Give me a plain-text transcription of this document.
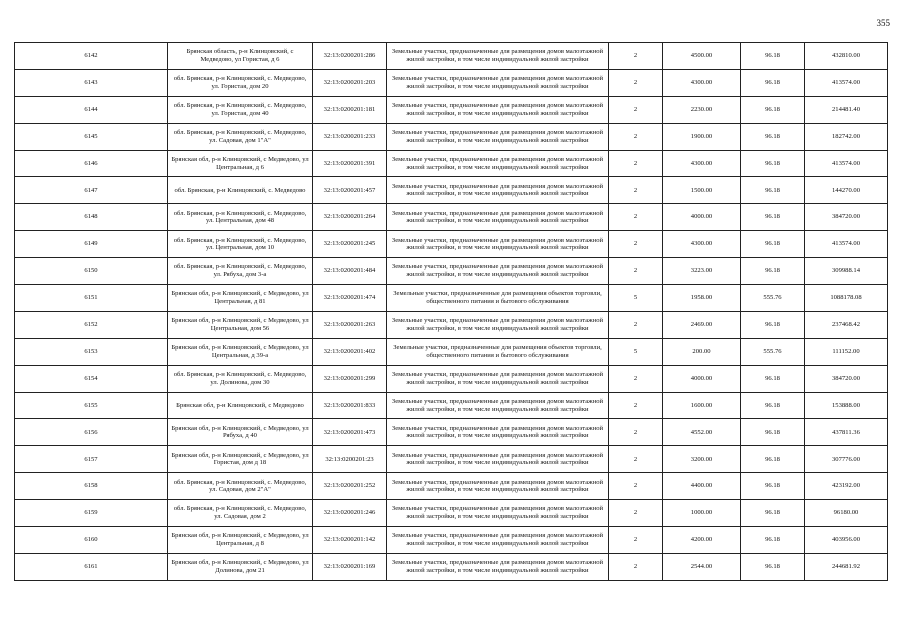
355
6142	Брянская область, р-н Клинцовский, с Медведово, ул Гористая, д 6	32:13:0200201:286	Земельные участки, предназначенные для размещения домов малоэтажной жилой застройки, в том числе индивидуальной жилой застройки	2	4500.00	96.18	432810.00
6143	обл. Брянская, р-н Клинцовский, с. Медведово, ул. Гористая, дом 20	32:13:0200201:203	Земельные участки, предназначенные для размещения домов малоэтажной жилой застройки, в том числе индивидуальной жилой застройки	2	4300.00	96.18	413574.00
6144	обл. Брянская, р-н Клинцовский, с. Медведово, ул. Гористая, дом 40	32:13:0200201:181	Земельные участки, предназначенные для размещения домов малоэтажной жилой застройки, в том числе индивидуальной жилой застройки	2	2230.00	96.18	214481.40
6145	обл. Брянская, р-н Клинцовский, с. Медведово, ул. Садовая, дом 1"А"	32:13:0200201:233	Земельные участки, предназначенные для размещения домов малоэтажной жилой застройки, в том числе индивидуальной жилой застройки	2	1900.00	96.18	182742.00
6146	Брянская обл, р-н Клинцовский, с Медведово, ул Центральная, д 6	32:13:0200201:391	Земельные участки, предназначенные для размещения домов малоэтажной жилой застройки, в том числе индивидуальной жилой застройки	2	4300.00	96.18	413574.00
6147	обл. Брянская, р-н Клинцовский, с. Медведово	32:13:0200201:457	Земельные участки, предназначенные для размещения домов малоэтажной жилой застройки, в том числе индивидуальной жилой застройки	2	1500.00	96.18	144270.00
6148	обл. Брянская, р-н Клинцовский, с. Медведово, ул. Центральная, дом 48	32:13:0200201:264	Земельные участки, предназначенные для размещения домов малоэтажной жилой застройки, в том числе индивидуальной жилой застройки	2	4000.00	96.18	384720.00
6149	обл. Брянская, р-н Клинцовский, с. Медведово, ул. Центральная, дом 10	32:13:0200201:245	Земельные участки, предназначенные для размещения домов малоэтажной жилой застройки, в том числе индивидуальной жилой застройки	2	4300.00	96.18	413574.00
6150	обл. Брянская, р-н Клинцовский, с. Медведово, ул. Рябуха, дом 3-а	32:13:0200201:484	Земельные участки, предназначенные для размещения домов малоэтажной жилой застройки, в том числе индивидуальной жилой застройки	2	3223.00	96.18	309988.14
6151	Брянская обл, р-н Клинцовский, с Медведово, ул Центральная, д 81	32:13:0200201:474	Земельные участки, предназначенные для размещения объектов торговли, общественного питания и бытового обслуживания	5	1958.00	555.76	1088178.08
6152	Брянская обл, р-н Клинцовский, с Медведово, ул Центральная, дом 56	32:13:0200201:263	Земельные участки, предназначенные для размещения домов малоэтажной жилой застройки, в том числе индивидуальной жилой застройки	2	2469.00	96.18	237468.42
6153	Брянская обл, р-н Клинцовский, с Медведово, ул Центральная, д 39-а	32:13:0200201:402	Земельные участки, предназначенные для размещения объектов торговли, общественного питания и бытового обслуживания	5	200.00	555.76	111152.00
6154	обл. Брянская, р-н Клинцовский, с. Медведово, ул. Долинова, дом 30	32:13:0200201:299	Земельные участки, предназначенные для размещения домов малоэтажной жилой застройки, в том числе индивидуальной жилой застройки	2	4000.00	96.18	384720.00
6155	Брянская обл, р-н Клинцовский, с Медведово	32:13:0200201:833	Земельные участки, предназначенные для размещения домов малоэтажной жилой застройки, в том числе индивидуальной жилой застройки	2	1600.00	96.18	153888.00
6156	Брянская обл, р-н Клинцовский, с Медведово, ул Рябуха, д 40	32:13:0200201:473	Земельные участки, предназначенные для размещения домов малоэтажной жилой застройки, в том числе индивидуальной жилой застройки	2	4552.00	96.18	437811.36
6157	Брянская обл, р-н Клинцовский, с Медведово, ул Гористая, дом д 18	32:13:0200201:23	Земельные участки, предназначенные для размещения домов малоэтажной жилой застройки, в том числе индивидуальной жилой застройки	2	3200.00	96.18	307776.00
6158	обл. Брянская, р-н Клинцовский, с. Медведово, ул. Садовая, дом 2"А"	32:13:0200201:252	Земельные участки, предназначенные для размещения домов малоэтажной жилой застройки, в том числе индивидуальной жилой застройки	2	4400.00	96.18	423192.00
6159	обл. Брянская, р-н Клинцовский, с. Медведово, ул. Садовая, дом 2	32:13:0200201:246	Земельные участки, предназначенные для размещения домов малоэтажной жилой застройки, в том числе индивидуальной жилой застройки	2	1000.00	96.18	96180.00
6160	Брянская обл, р-н Клинцовский, с Медведово, ул Центральная, д 8	32:13:0200201:142	Земельные участки, предназначенные для размещения домов малоэтажной жилой застройки, в том числе индивидуальной жилой застройки	2	4200.00	96.18	403956.00
6161	Брянская обл, р-н Клинцовский, с Медведово, ул Долинова, дом 21	32:13:0200201:169	Земельные участки, предназначенные для размещения домов малоэтажной жилой застройки, в том числе индивидуальной жилой застройки	2	2544.00	96.18	244681.92
